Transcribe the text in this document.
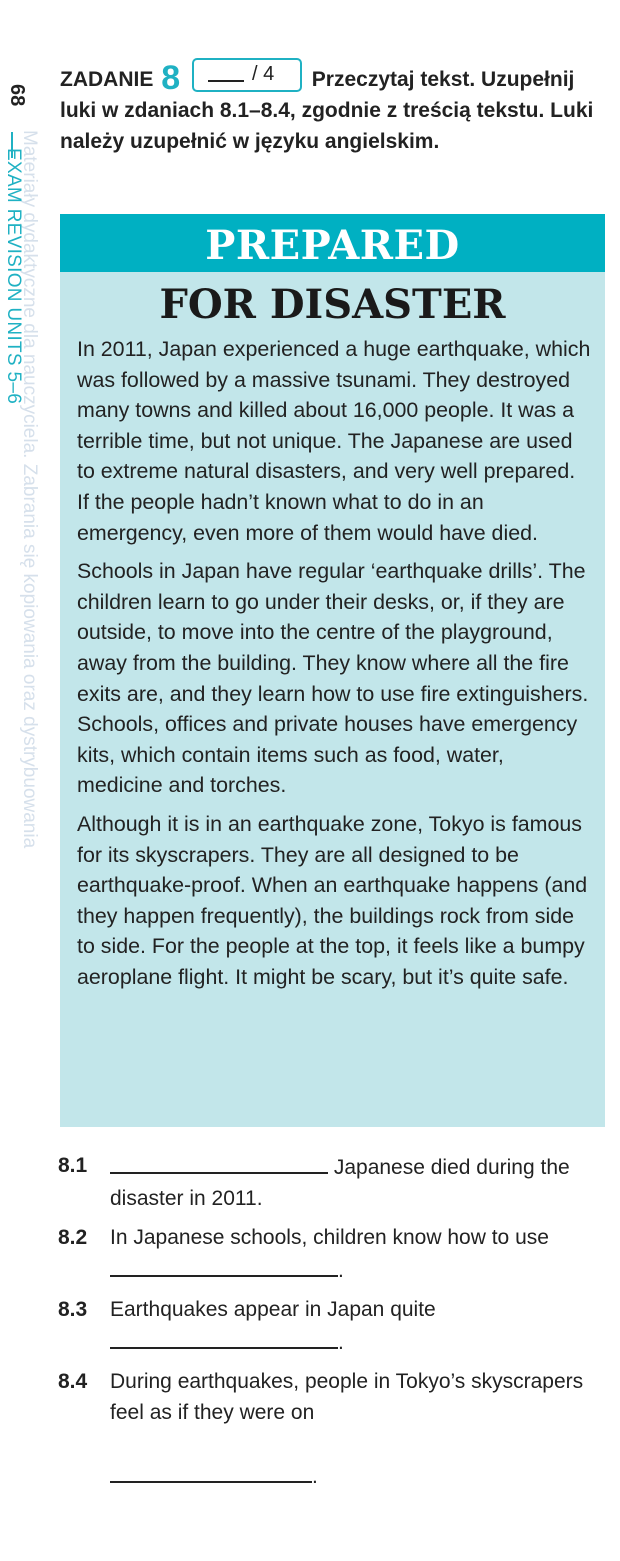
Materiały dydaktyczne dla nauczyciela. Zabrania się kopiowania oraz dystrybuowania
68
EXAM REVISION UNITS 5–6
ZADANIE 8	/ 4 Przeczytaj tekst. Uzupełnij luki w zdaniach 8.1–8.4, zgodnie z treścią tekstu. Luki należy uzupełnić w języku angielskim.
PREPARED
FOR DISASTER

In 2011, Japan experienced a huge earthquake, which was followed by a massive tsunami. They destroyed many towns and killed about 16,000 people. It was a terrible time, but not unique. The Japanese are used to extreme natural disasters, and very well prepared. If the people hadn’t known what to do in an emergency, even more of them would have died.

Schools in Japan have regular ‘earthquake drills’. The children learn to go under their desks, or, if they are outside, to move into the centre of the playground, away from the building. They know where all the fire exits are, and they learn how to use fire extinguishers. Schools, offices and private houses have emergency kits, which contain items such as food, water, medicine and torches.

Although it is in an earthquake zone, Tokyo is famous for its skyscrapers. They are all designed to be earthquake-proof. When an earthquake happens (and they happen frequently), the buildings rock from side to side. For the people at the top, it feels like a bumpy aeroplane flight. It might be scary, but it’s quite safe.

8.1	Japanese died during the disaster in 2011.
8.2	In Japanese schools, children know how to use .
8.3	Earthquakes appear in Japan quite
.
8.4	During earthquakes, people in Tokyo’s skyscrapers feel as if they were on

.
